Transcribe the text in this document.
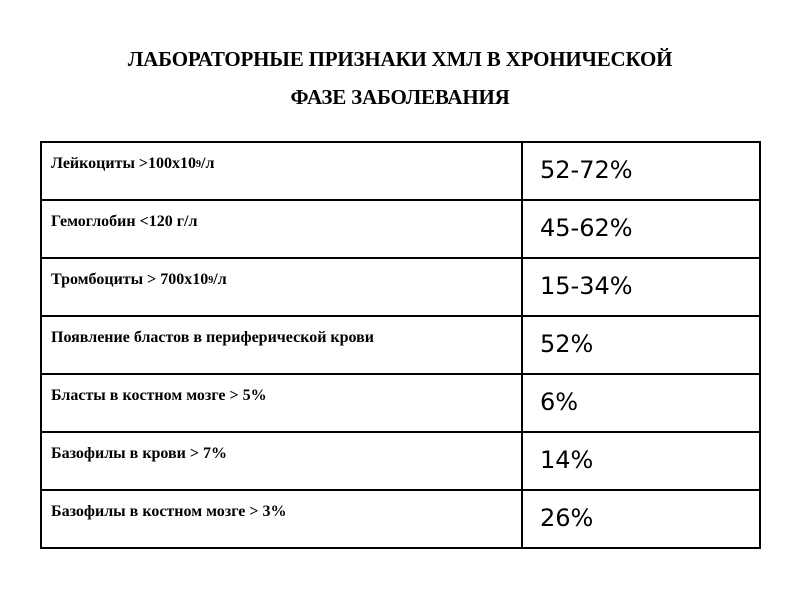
ЛАБОРАТОРНЫЕ ПРИЗНАКИ ХМЛ В ХРОНИЧЕСКОЙ
ФАЗЕ ЗАБОЛЕВАНИЯ
Лейкоциты $>100x10^9/л$	52-72%
Гемоглобин <120 г/л	45-62%
Тромбоциты > $700x10^9/л$	15-34%
Появление бластов в периферической крови	52%
Бласты в костном мозге > 5%	6%
Базофилы в крови > 7%	14%
Базофилы в костном мозге > 3%	26%
